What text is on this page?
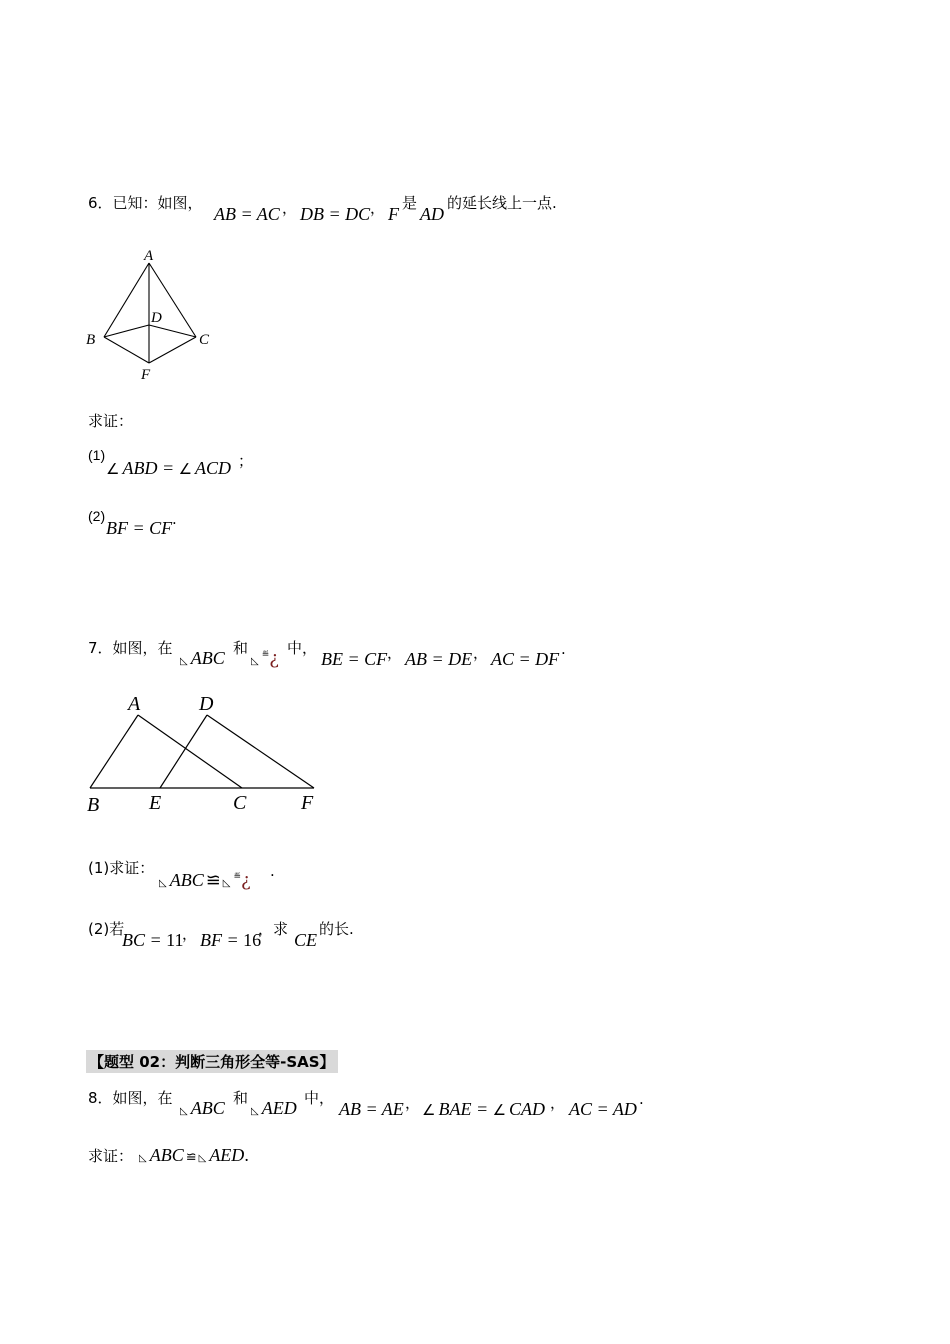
6．已知：如图，
AB = AC ， DB = DC ， F
是
AD
的延长线上一点.
A
B	C
D
F
求证：
(1)
∠ ABD = ∠ ACD ；
(2)
BF = CF .
7．如图，在
◺ ABC 和
◺≝¿ 中，
BE = CF ， AB = DE ， AC = DF .
A	D
B E	C	F
(1)求证：
◺ ABC ≌ ◺≝¿ .
(2)若
BC = 11
， BF = 16
，求
CE
的长.
【题型 02：判断三角形全等-SAS】
8．如图，在
◺ ABC 和
◺ AED 中，
AB = AE ， ∠ BAE = ∠ CAD ， AC = AD .
求证： ◺ ABC ≌ ◺ AED.
